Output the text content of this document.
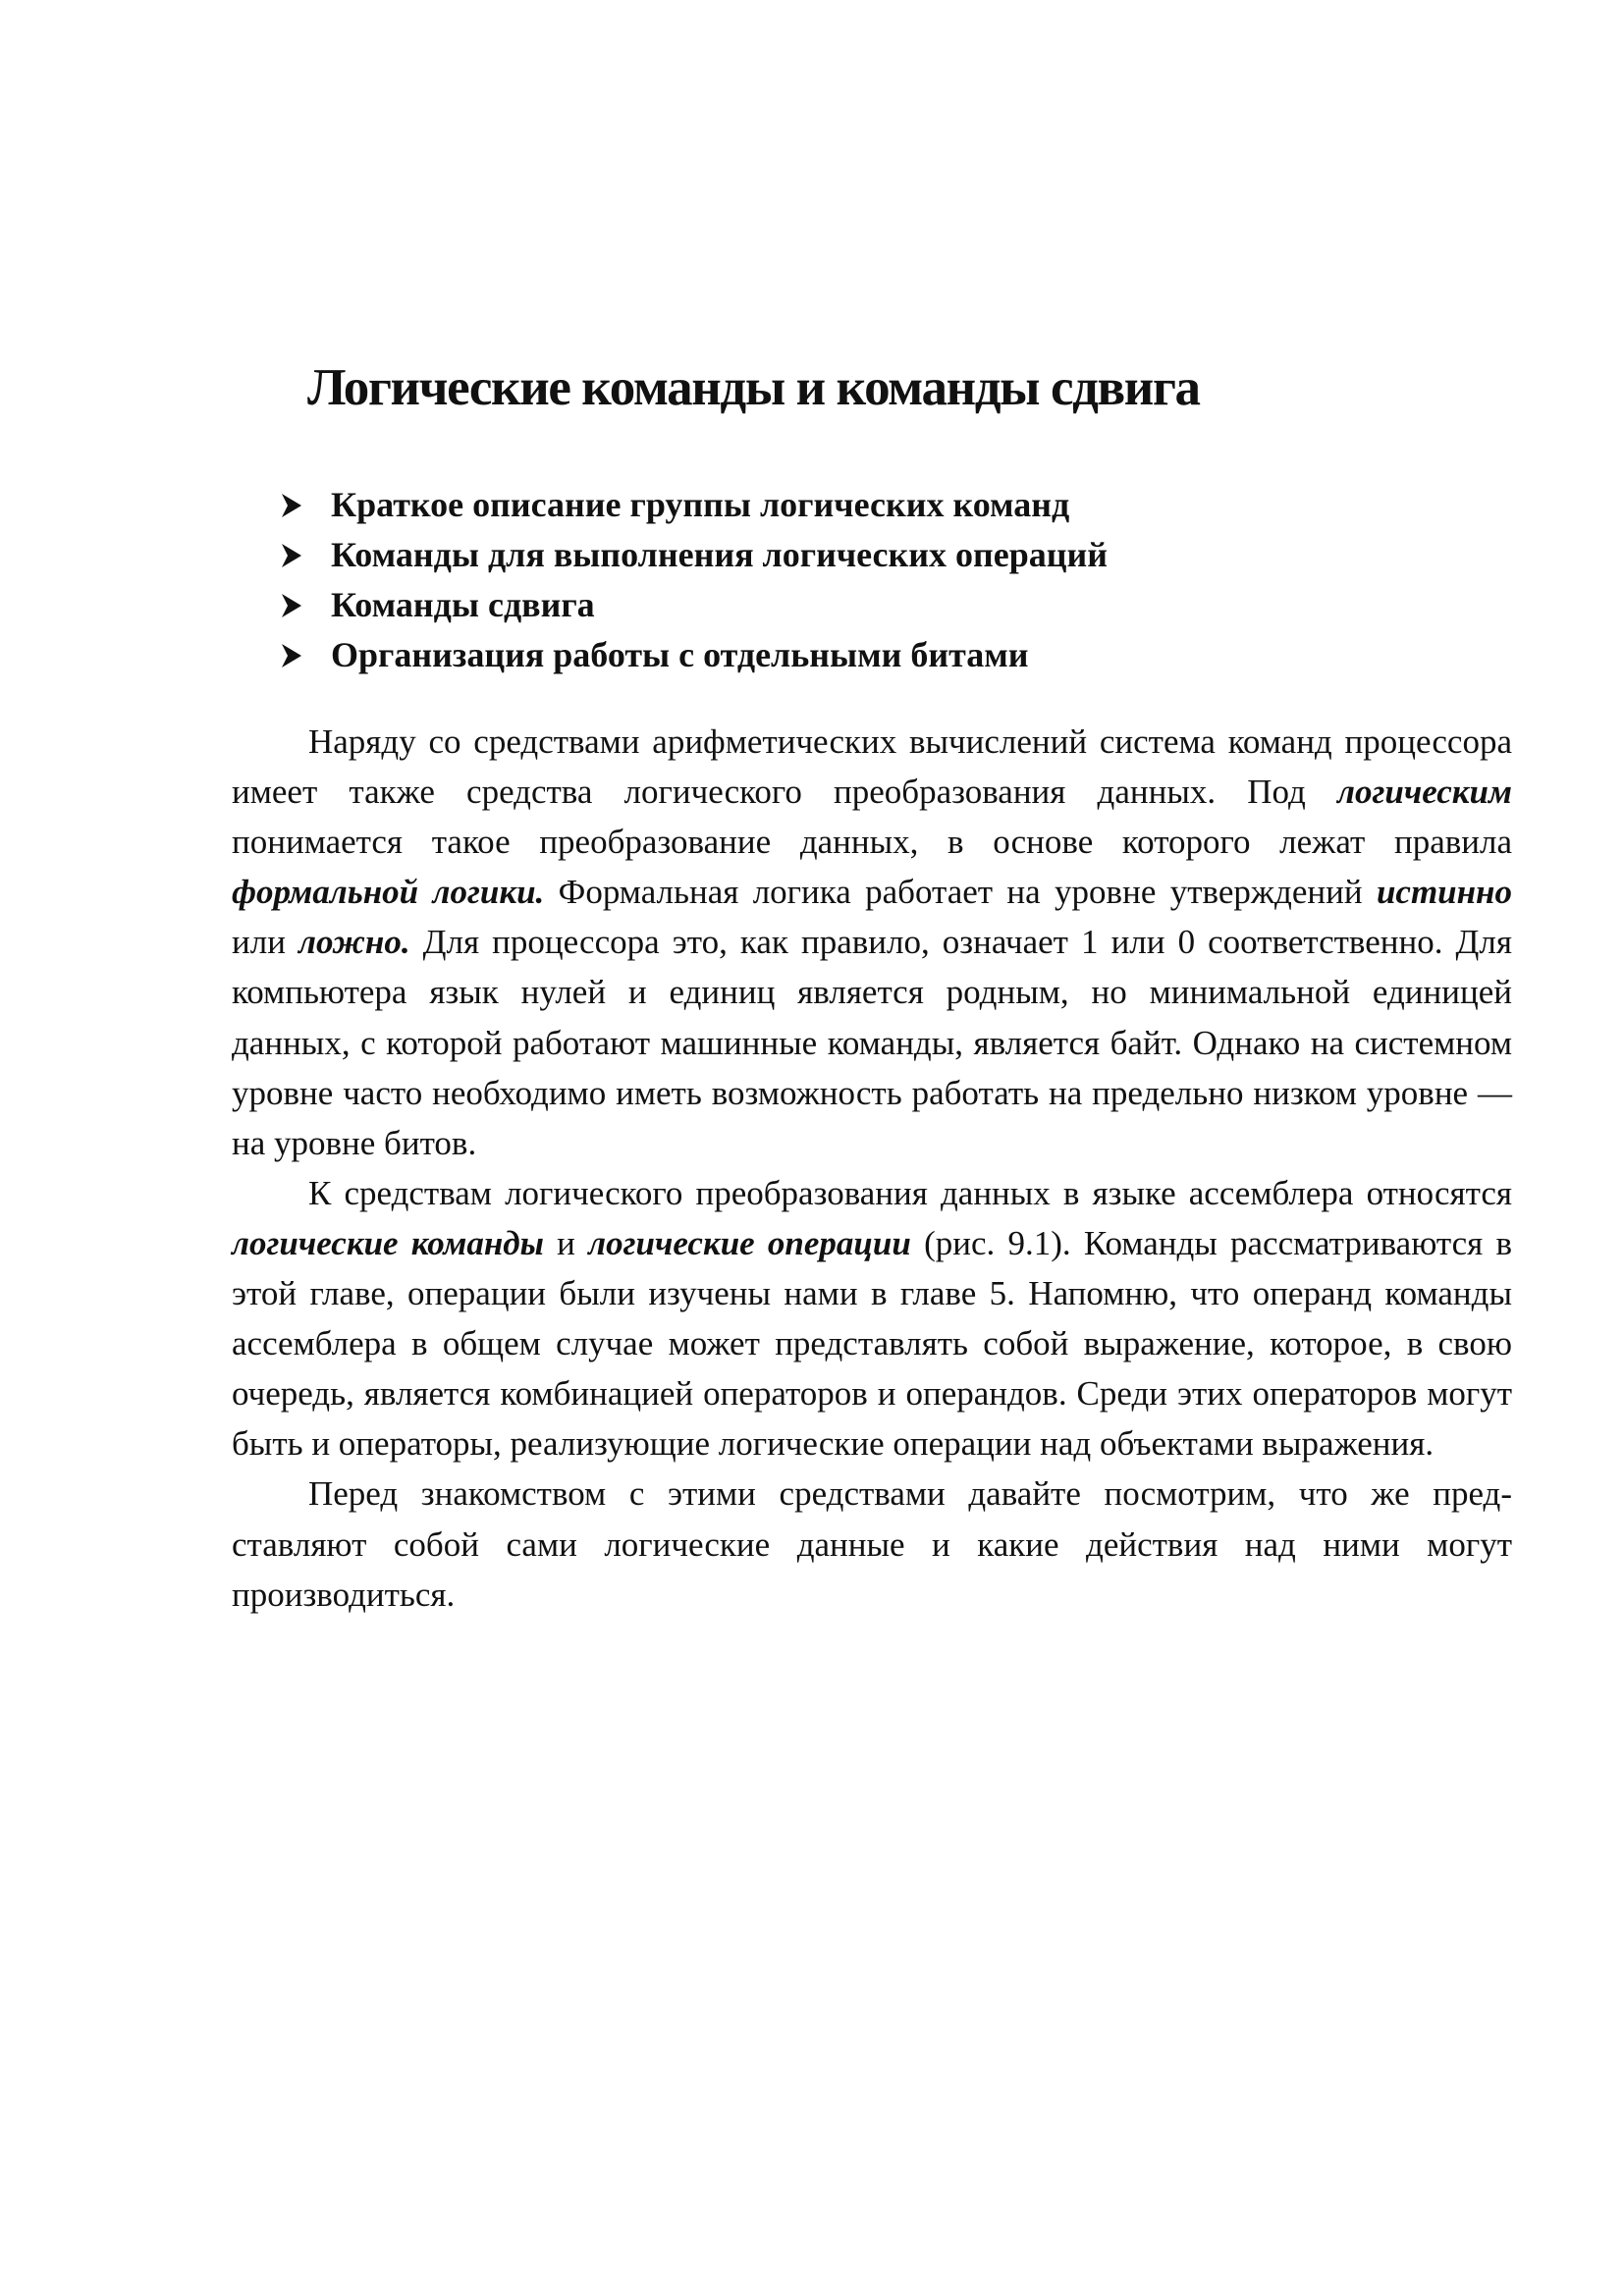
Логические команды и команды сдвига
Краткое описание группы логических команд
Команды для выполнения логических операций
Команды сдвига
Организация работы с отдельными битами

Наряду со средствами арифметических вычислений система команд процессора имеет также средства логического преобразования данных. Под логическим понимается такое преобразование данных, в основе которого лежат правила формальной логики. Формальная логика работает на уровне утверждений истинно или ложно. Для процессора это, как правило, означает 1 или 0 соответственно. Для компьютера язык нулей и единиц является родным, но минимальной единицей данных, с которой работают машинные команды, является байт. Однако на системном уровне часто необходимо иметь возможность работать на предельно низком уровне — на уровне битов.

К средствам логического преобразования данных в языке ассемблера относятся логические команды и логические операции (рис. 9.1). Команды рассматриваются в этой главе, операции были изучены нами в главе 5. Напомню, что операнд команды ассемблера в общем случае может представлять собой выражение, которое, в свою очередь, является комбинацией операторов и операндов. Среди этих операторов могут быть и операторы, реализующие логические операции над объектами выражения.

Перед знакомством с этими средствами давайте посмотрим, что же пред-ставляют собой сами логические данные и какие действия над ними могут производиться.
